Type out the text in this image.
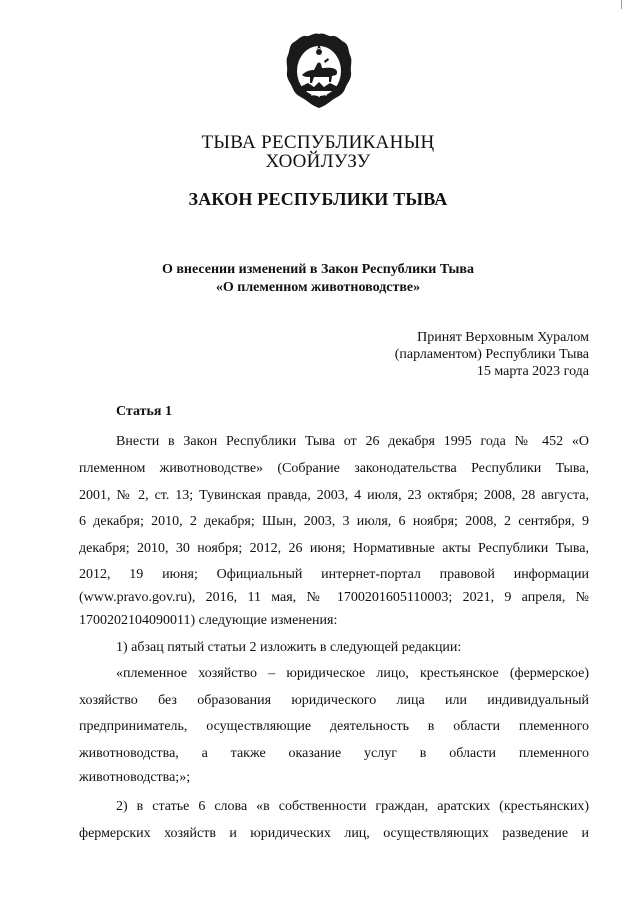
ТЫВА РЕСПУБЛИКАНЫҢ
ХООЙЛУЗУ
ЗАКОН РЕСПУБЛИКИ ТЫВА
О внесении изменений в Закон Республики Тыва
«О племенном животноводстве»
Принят Верховным Хуралом
(парламентом) Республики Тыва
15 марта 2023 года
Статья 1
Внести в Закон Республики Тыва от 26 декабря 1995 года № 452 «О
племенном животноводстве» (Собрание законодательства Республики Тыва,
2001, № 2, ст. 13; Тувинская правда, 2003, 4 июля, 23 октября; 2008, 28 августа,
6 декабря; 2010, 2 декабря; Шын, 2003, 3 июля, 6 ноября; 2008, 2 сентября, 9
декабря; 2010, 30 ноября; 2012, 26 июня; Нормативные акты Республики Тыва,
2012, 19 июня; Официальный интернет-портал правовой информации
(www.pravo.gov.ru), 2016, 11 мая, № 1700201605110003; 2021, 9 апреля, №
1700202104090011) следующие изменения:
1) абзац пятый статьи 2 изложить в следующей редакции:
«племенное хозяйство – юридическое лицо, крестьянское (фермерское)
хозяйство без образования юридического лица или индивидуальный
предприниматель, осуществляющие деятельность в области племенного
животноводства, а также оказание услуг в области племенного
животноводства;»;
2) в статье 6 слова «в собственности граждан, аратских (крестьянских)
фермерских хозяйств и юридических лиц, осуществляющих разведение и
